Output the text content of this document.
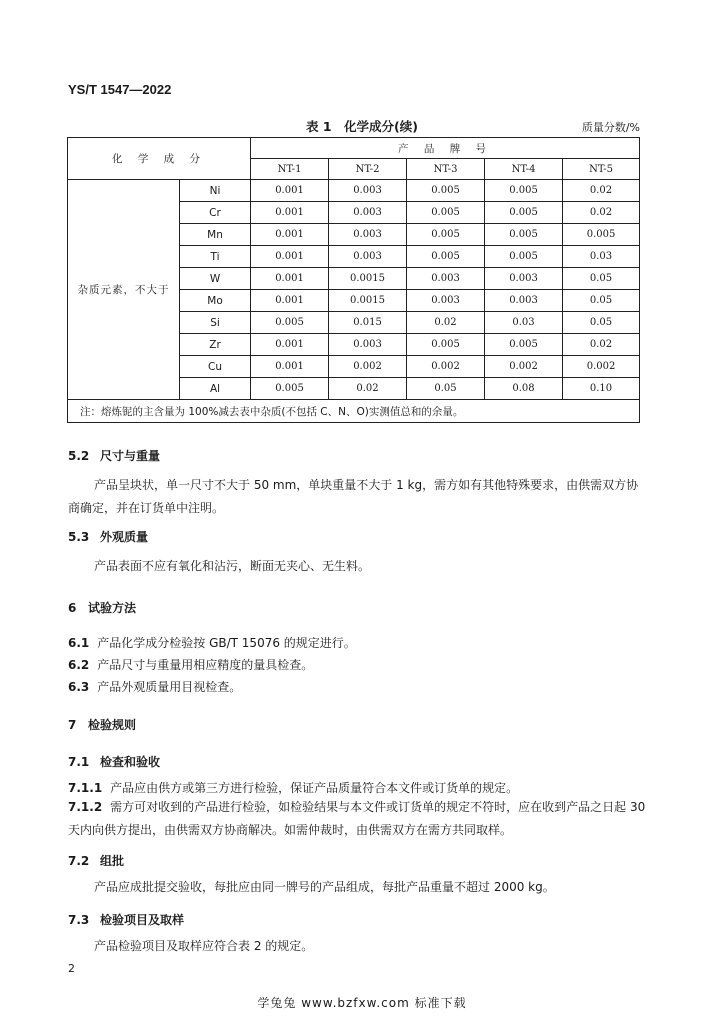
YS/T 1547—2022
表 1　化学成分(续)	质量分数/%
化 学 成 分		产 品 牌 号				
		NT-1	NT-2	NT-3	NT-4	NT-5
杂质元素，不大于	Ni	0.001	0.003	0.005	0.005	0.02
	Cr	0.001	0.003	0.005	0.005	0.02
	Mn	0.001	0.003	0.005	0.005	0.005
	Ti	0.001	0.003	0.005	0.005	0.03
	W	0.001	0.0015	0.003	0.003	0.05
	Mo	0.001	0.0015	0.003	0.003	0.05
	Si	0.005	0.015	0.02	0.03	0.05
	Zr	0.001	0.003	0.005	0.005	0.02
	Cu	0.001	0.002	0.002	0.002	0.002
	Al	0.005	0.02	0.05	0.08	0.10
注：熔炼铌的主含量为 100%减去表中杂质(不包括 C、N、O)实测值总和的余量。						
5.2 尺寸与重量
产品呈块状，单一尺寸不大于 50 mm，单块重量不大于 1 kg，需方如有其他特殊要求，由供需双方协商确定，并在订货单中注明。
5.3 外观质量
产品表面不应有氧化和沾污，断面无夹心、无生料。
6 试验方法
6.1 产品化学成分检验按 GB/T 15076 的规定进行。
6.2 产品尺寸与重量用相应精度的量具检查。
6.3 产品外观质量用目视检查。
7 检验规则
7.1 检查和验收
7.1.1 产品应由供方或第三方进行检验，保证产品质量符合本文件或订货单的规定。
7.1.2 需方可对收到的产品进行检验，如检验结果与本文件或订货单的规定不符时，应在收到产品之日起 30 天内向供方提出，由供需双方协商解决。如需仲裁时，由供需双方在需方共同取样。
7.2 组批
产品应成批提交验收，每批应由同一牌号的产品组成，每批产品重量不超过 2000 kg。
7.3 检验项目及取样
产品检验项目及取样应符合表 2 的规定。
2
学兔兔 www.bzfxw.com 标准下载
